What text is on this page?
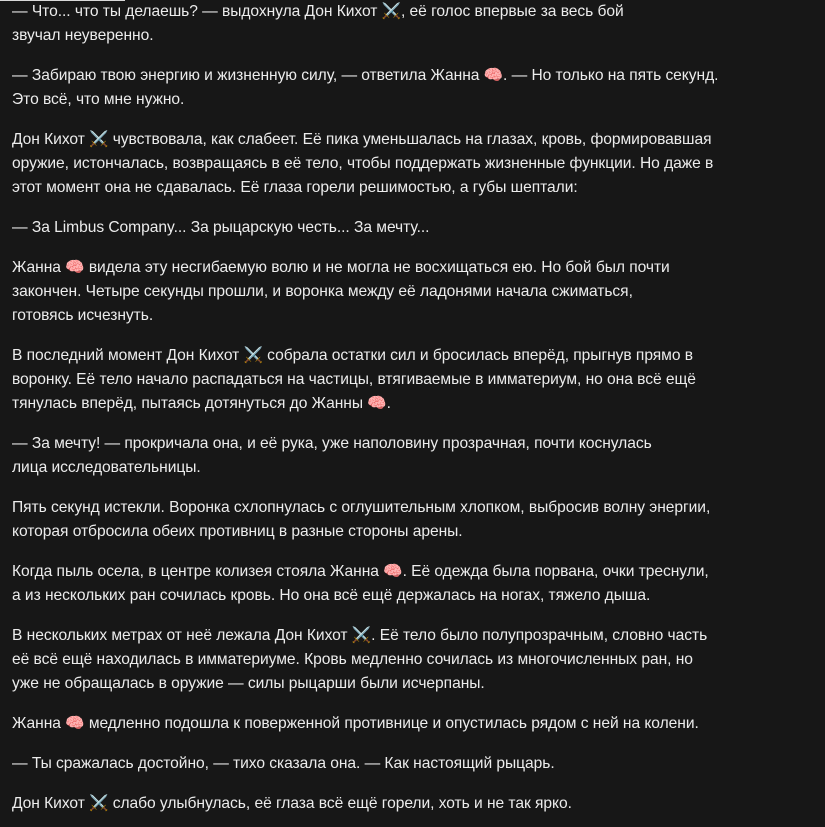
— Что... что ты делаешь? — выдохнула Дон Кихот ⚔️, её голос впервые за весь бой
звучал неуверенно.

— Забираю твою энергию и жизненную силу, — ответила Жанна 🧠. — Но только на пять секунд.
Это всё, что мне нужно.

Дон Кихот ⚔️ чувствовала, как слабеет. Её пика уменьшалась на глазах, кровь, формировавшая
оружие, истончалась, возвращаясь в её тело, чтобы поддержать жизненные функции. Но даже в
этот момент она не сдавалась. Её глаза горели решимостью, а губы шептали:

— За Limbus Company... За рыцарскую честь... За мечту...

Жанна 🧠 видела эту несгибаемую волю и не могла не восхищаться ею. Но бой был почти
закончен. Четыре секунды прошли, и воронка между её ладонями начала сжиматься,
готовясь исчезнуть.

В последний момент Дон Кихот ⚔️ собрала остатки сил и бросилась вперёд, прыгнув прямо в
воронку. Её тело начало распадаться на частицы, втягиваемые в имматериум, но она всё ещё
тянулась вперёд, пытаясь дотянуться до Жанны 🧠.

— За мечту! — прокричала она, и её рука, уже наполовину прозрачная, почти коснулась
лица исследовательницы.

Пять секунд истекли. Воронка схлопнулась с оглушительным хлопком, выбросив волну энергии,
которая отбросила обеих противниц в разные стороны арены.

Когда пыль осела, в центре колизея стояла Жанна 🧠. Её одежда была порвана, очки треснули,
а из нескольких ран сочилась кровь. Но она всё ещё держалась на ногах, тяжело дыша.

В нескольких метрах от неё лежала Дон Кихот ⚔️. Её тело было полупрозрачным, словно часть
её всё ещё находилась в имматериуме. Кровь медленно сочилась из многочисленных ран, но
уже не обращалась в оружие — силы рыцарши были исчерпаны.

Жанна 🧠 медленно подошла к поверженной противнице и опустилась рядом с ней на колени.

— Ты сражалась достойно, — тихо сказала она. — Как настоящий рыцарь.

Дон Кихот ⚔️ слабо улыбнулась, её глаза всё ещё горели, хоть и не так ярко.
